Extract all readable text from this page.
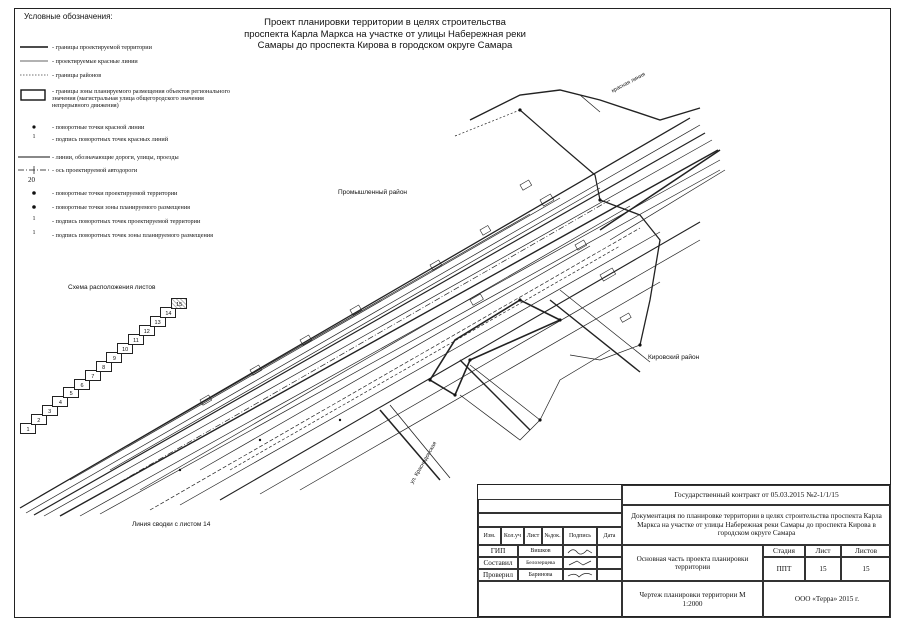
Проект планировки территории в целях строительства
проспекта Карла Маркса на участке от улицы Набережная реки
Самары до проспекта Кирова в городском округе Самара
Условные обозначения:
- границы проектируемой территории
- проектируемые красные линии
- границы районов
- границы зоны планируемого размещения объектов регионального значения (магистральная улица общегородского значения непрерывного движения)
- поворотные точки красной линии
1	- подпись поворотных точек красных линий
- линии, обозначающие дороги, улицы, проезды
- ось проектируемой автодороги
20
- поворотные точки проектируемой территории
- поворотные точки зоны планируемого размещения
1	- подпись поворотных точек проектируемой территории
1	- подпись поворотных точек зоны планируемого размещения
Промышленный район
Кировский район
красная линия
ул. Краснодонская
Линия сводки с листом 14
Схема расположения листов
1
2
3
4
5
6
7
8
9
10
11
12
13
14
15
Изм.	Кол.уч Лист №док.	Подпись	Дата
ГИП	Вишков
Составил	Белозерцева
Проверил	Баринова
Государственный контракт от 05.03.2015 №2-1/1/15
Документация по планировке территории в целях строительства проспекта Карла Маркса на участке от улицы Набережная реки Самары до проспекта Кирова в городском округе Самара
Основная часть проекта планировки территории
Стадия	Лист	Листов
ППТ	15	15
Чертеж планировки территории М 1:2000
ООО «Терра» 2015 г.
